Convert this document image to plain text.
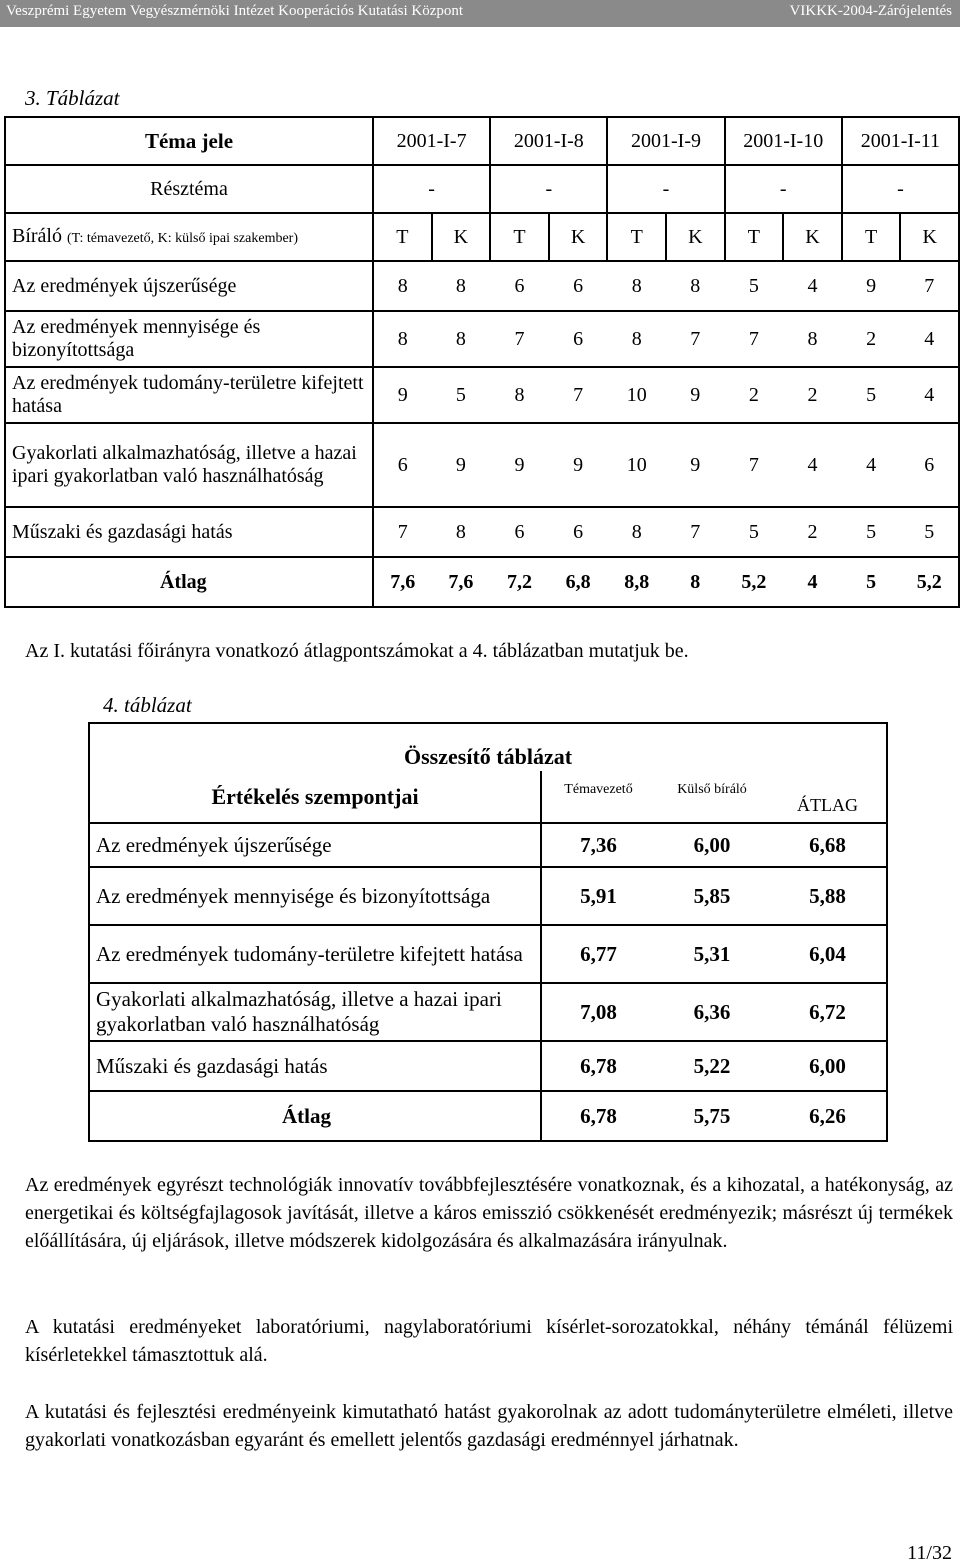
Veszprémi Egyetem Vegyészmérnöki Intézet Kooperációs Kutatási Központ	VIKKK-2004-Zárójelentés
3. Táblázat
Téma jele	2001-I-7		2001-I-8		2001-I-9		2001-I-10		2001-I-11	
Résztéma	-		-		-		-		-	
Bíráló (T: témavezető, K: külső ipai szakember)	T	K	T	K	T	K	T	K	T	K
Az eredmények újszerűsége	8	8	6	6	8	8	5	4	9	7
Az eredmények mennyisége és bizonyítottsága	8	8	7	6	8	7	7	8	2	4
Az eredmények tudomány-területre kifejtett hatása	9	5	8	7	10	9	2	2	5	4
Gyakorlati alkalmazhatóság, illetve a hazai ipari gyakorlatban való használhatóság	6	9	9	9	10	9	7	4	4	6
Műszaki és gazdasági hatás	7	8	6	6	8	7	5	2	5	5
Átlag	7,6	7,6	7,2	6,8	8,8	8	5,2	4	5	5,2
Az I. kutatási főirányra vonatkozó átlagpontszámokat a 4. táblázatban mutatjuk be.
4. táblázat
Összesítő táblázat			
Értékelés szempontjai	Témavezető	Külső bíráló	ÁTLAG
Az eredmények újszerűsége	7,36	6,00	6,68
Az eredmények mennyisége és bizonyítottsága	5,91	5,85	5,88
Az eredmények tudomány-területre kifejtett hatása	6,77	5,31	6,04
Gyakorlati alkalmazhatóság, illetve a hazai ipari gyakorlatban való használhatóság	7,08	6,36	6,72
Műszaki és gazdasági hatás	6,78	5,22	6,00
Átlag	6,78	5,75	6,26
Az eredmények egyrészt technológiák innovatív továbbfejlesztésére vonatkoznak, és a kihozatal, a hatékonyság, az energetikai és költségfajlagosok javítását, illetve a káros emisszió csökkenését eredményezik; másrészt új termékek előállítására, új eljárások, illetve módszerek kidolgozására és alkalmazására irányulnak.
A kutatási eredményeket laboratóriumi, nagylaboratóriumi kísérlet-sorozatokkal, néhány témánál félüzemi kísérletekkel támasztottuk alá.
A kutatási és fejlesztési eredményeink kimutatható hatást gyakorolnak az adott tudományterületre elméleti, illetve gyakorlati vonatkozásban egyaránt és emellett jelentős gazdasági eredménnyel járhatnak.
11/32
